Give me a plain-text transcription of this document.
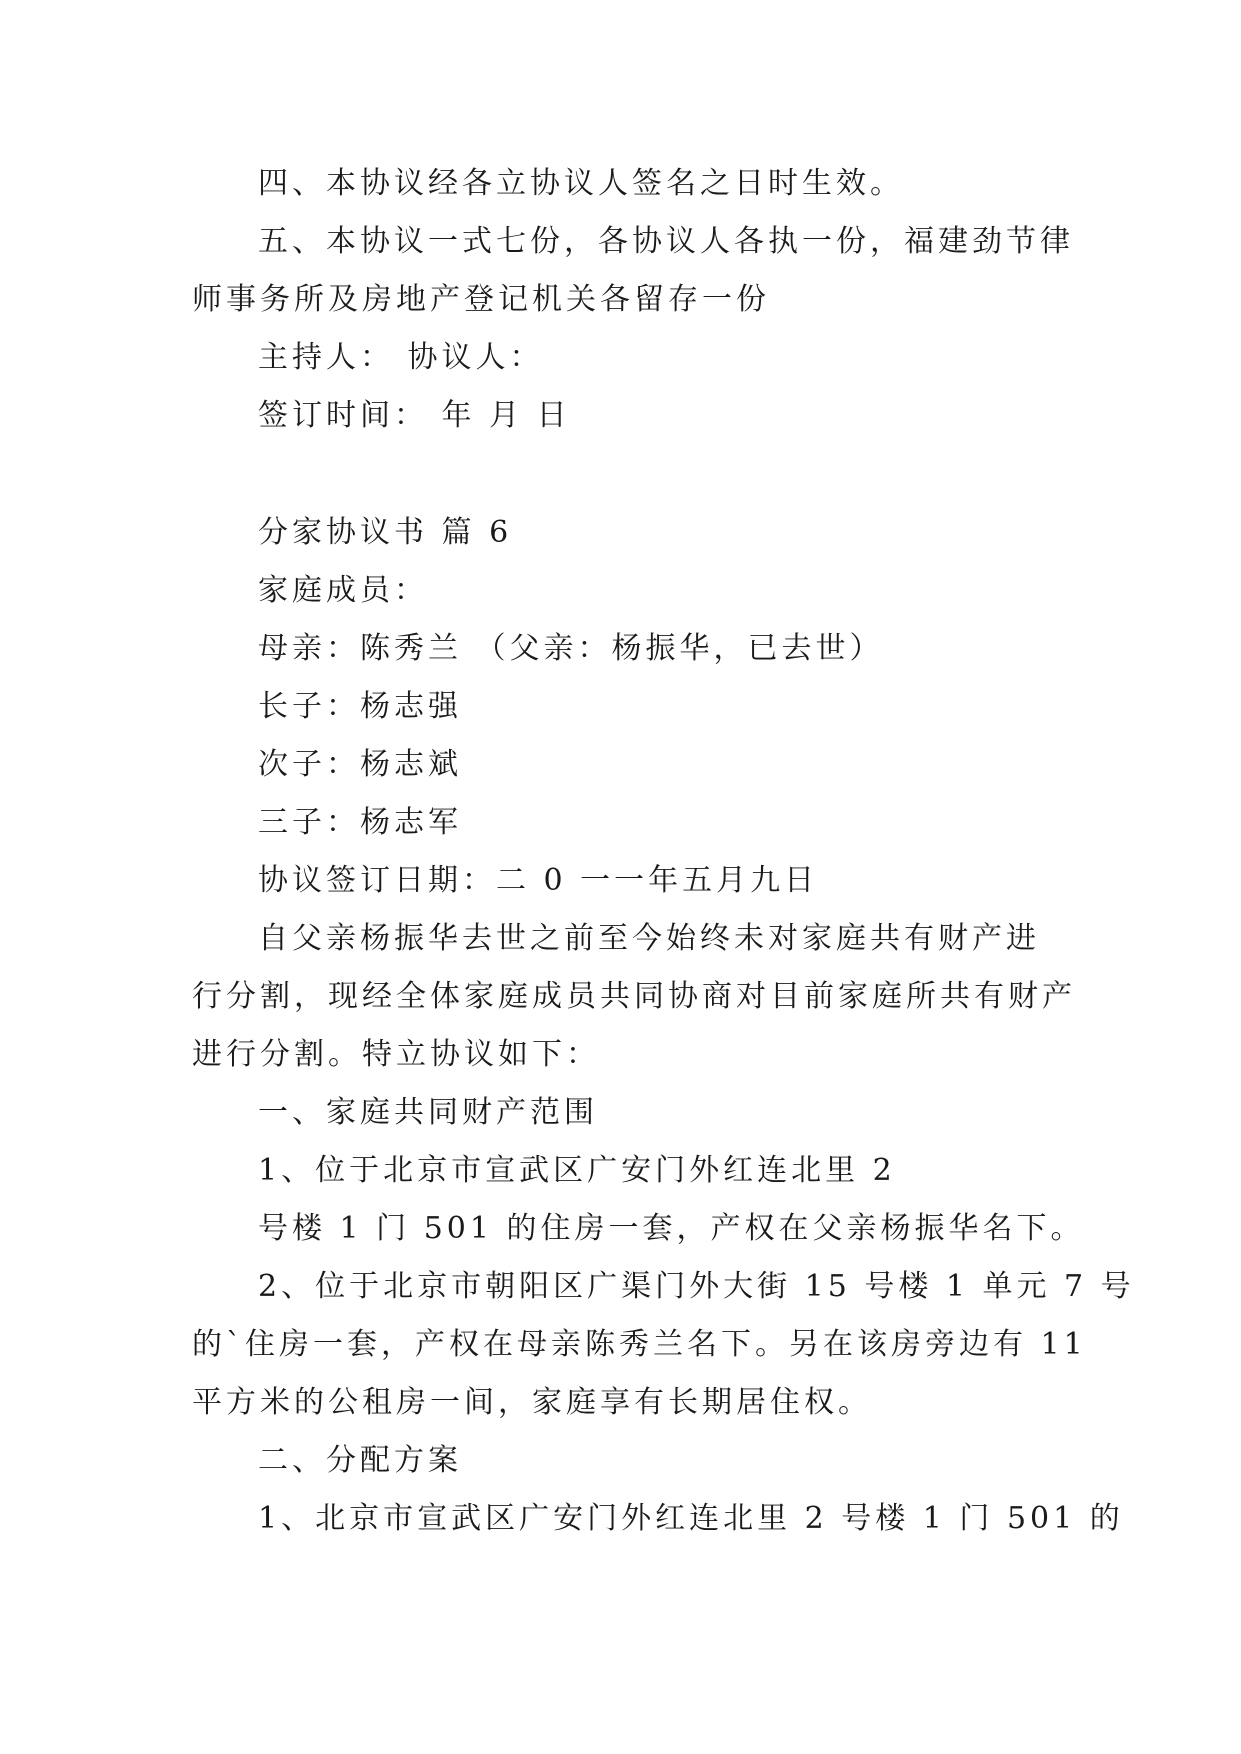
四、本协议经各立协议人签名之日时生效。
五、本协议一式七份，各协议人各执一份，福建劲节律
师事务所及房地产登记机关各留存一份
主持人： 协议人：
签订时间： 年 月 日
分家协议书 篇 6
家庭成员：
母亲：陈秀兰 （父亲：杨振华，已去世）
长子：杨志强
次子：杨志斌
三子：杨志军
协议签订日期：二 0 一一年五月九日
自父亲杨振华去世之前至今始终未对家庭共有财产进
行分割，现经全体家庭成员共同协商对目前家庭所共有财产
进行分割。特立协议如下：
一、家庭共同财产范围
1、位于北京市宣武区广安门外红连北里 2
号楼 1 门 501 的住房一套，产权在父亲杨振华名下。
2、位于北京市朝阳区广渠门外大街 15 号楼 1 单元 7 号
的`住房一套，产权在母亲陈秀兰名下。另在该房旁边有 11
平方米的公租房一间，家庭享有长期居住权。
二、分配方案
1、北京市宣武区广安门外红连北里 2 号楼 1 门 501 的
